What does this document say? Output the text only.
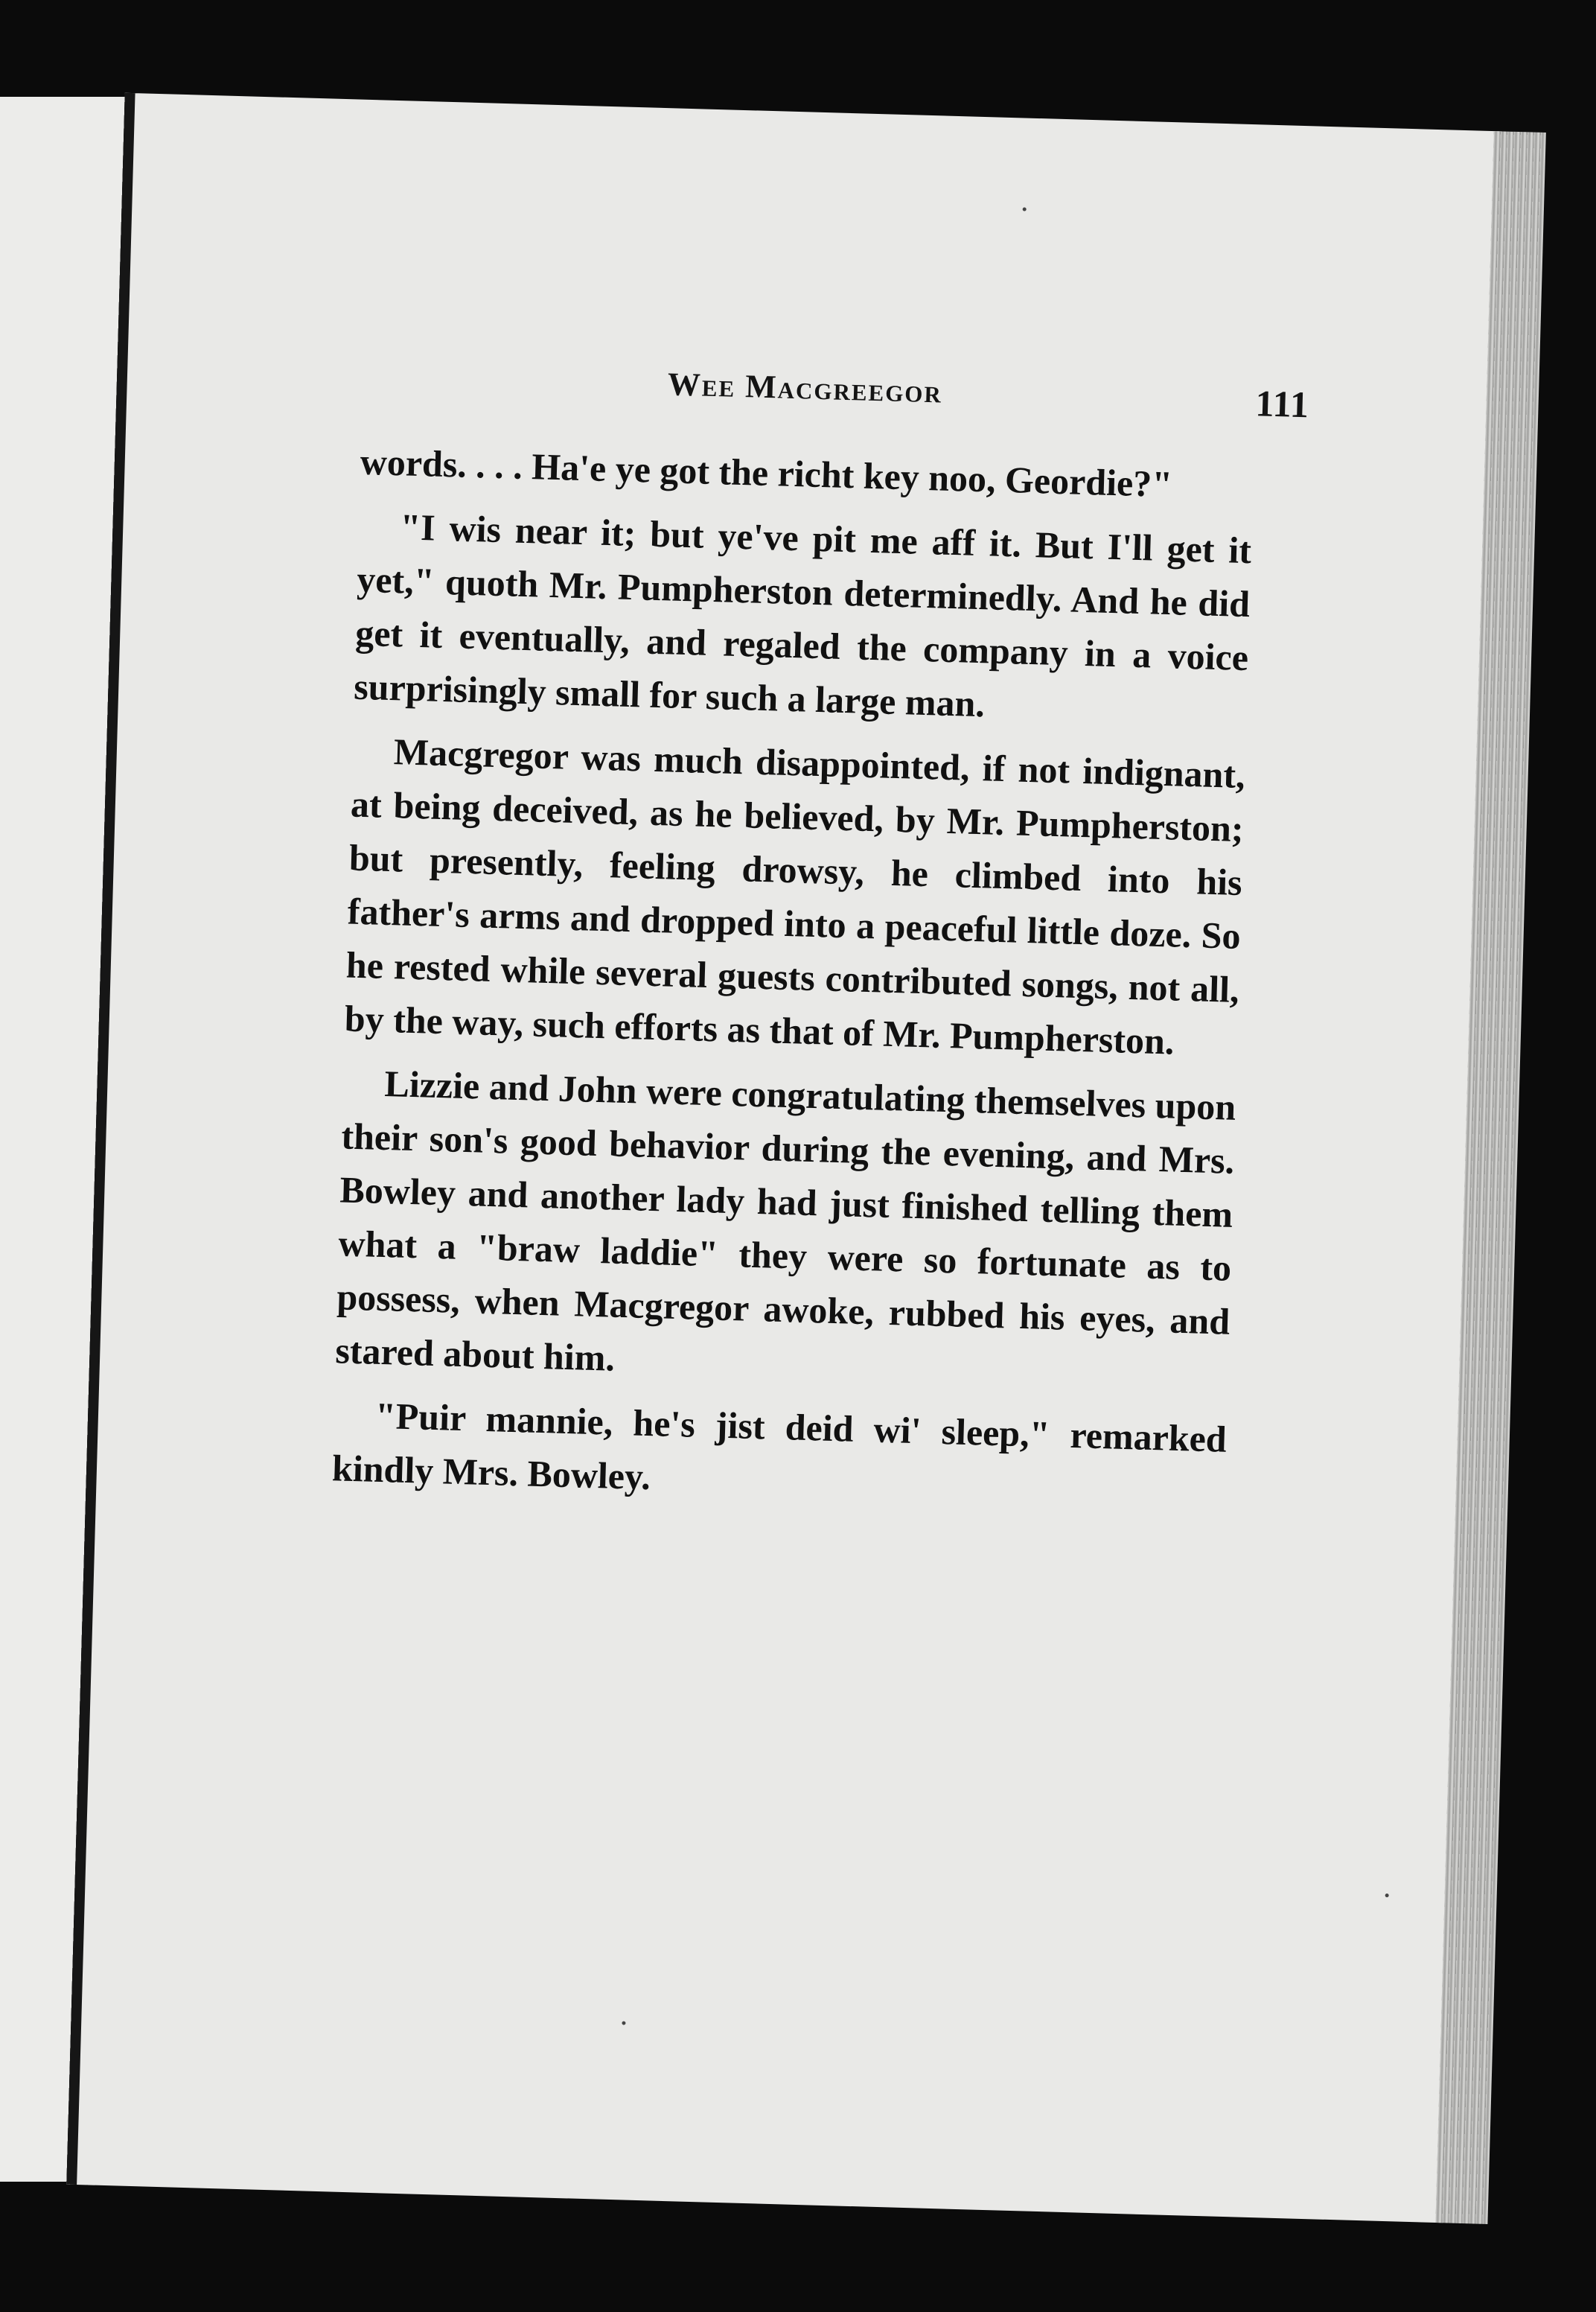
Wee Macgreegor	111

words. . . . Ha'e ye got the richt key noo, Geordie?"

"I wis near it; but ye've pit me aff it. But I'll get it yet," quoth Mr. Pumpherston determinedly. And he did get it eventually, and regaled the company in a voice surprisingly small for such a large man.

Macgregor was much disappointed, if not indignant, at being deceived, as he believed, by Mr. Pumpherston; but presently, feeling drowsy, he climbed into his father's arms and dropped into a peaceful little doze. So he rested while several guests contributed songs, not all, by the way, such efforts as that of Mr. Pumpherston.

Lizzie and John were congratulating themselves upon their son's good behavior during the evening, and Mrs. Bowley and another lady had just finished telling them what a "braw laddie" they were so fortunate as to possess, when Macgregor awoke, rubbed his eyes, and stared about him.

"Puir mannie, he's jist deid wi' sleep," remarked kindly Mrs. Bowley.
